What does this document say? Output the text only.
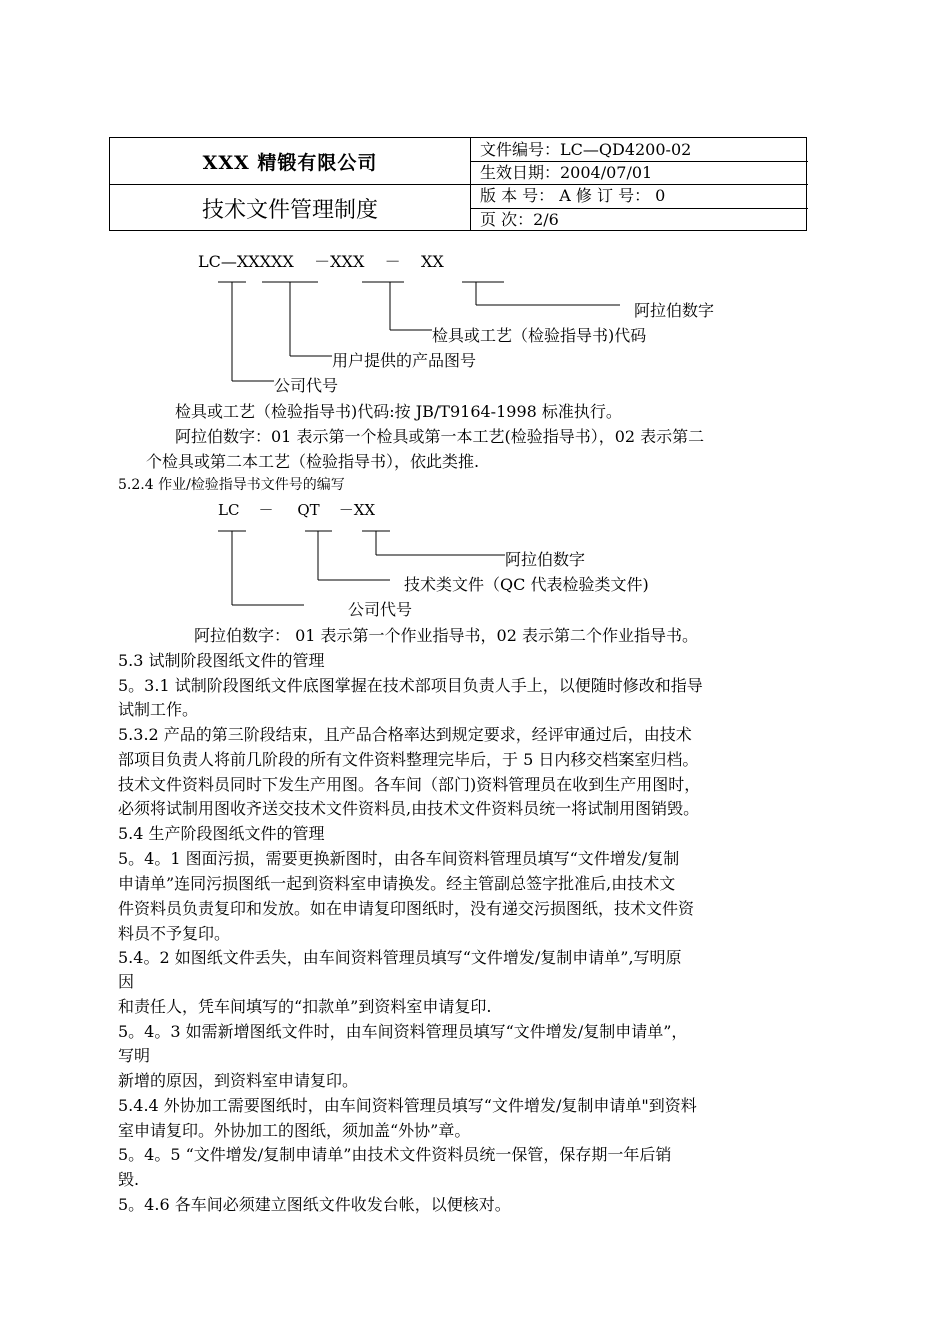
XXX 精锻有限公司
技术文件管理制度
文件编号：LC—QD4200-02
生效日期：2004/07/01
版 本 号： A 修 订 号： 0
页 次：2/6
LC—XXXXX    －XXX    －    XX
阿拉伯数字
检具或工艺（检验指导书)代码
用户提供的产品图号
公司代号
检具或工艺（检验指导书)代码:按 JB/T9164-1998 标准执行。
阿拉伯数字：01 表示第一个检具或第一本工艺(检验指导书），02 表示第二
个检具或第二本工艺（检验指导书），依此类推.
5.2.4 作业/检验指导书文件号的编写
LC    －     QT    －XX
阿拉伯数字
技术类文件（QC 代表检验类文件)
公司代号
阿拉伯数字： 01 表示第一个作业指导书，02 表示第二个作业指导书。
5.3 试制阶段图纸文件的管理
5。3.1 试制阶段图纸文件底图掌握在技术部项目负责人手上，以便随时修改和指导
试制工作。
5.3.2 产品的第三阶段结束，且产品合格率达到规定要求，经评审通过后，由技术
部项目负责人将前几阶段的所有文件资料整理完毕后，于 5 日内移交档案室归档。
技术文件资料员同时下发生产用图。各车间（部门)资料管理员在收到生产用图时，
必须将试制用图收齐送交技术文件资料员,由技术文件资料员统一将试制用图销毁。
5.4 生产阶段图纸文件的管理
5。4。1 图面污损，需要更换新图时，由各车间资料管理员填写“文件增发/复制
申请单”连同污损图纸一起到资料室申请换发。经主管副总签字批准后,由技术文
件资料员负责复印和发放。如在申请复印图纸时，没有递交污损图纸，技术文件资
料员不予复印。
5.4。2 如图纸文件丢失，由车间资料管理员填写“文件增发/复制申请单”,写明原
因
和责任人，凭车间填写的“扣款单”到资料室申请复印.
5。4。3 如需新增图纸文件时，由车间资料管理员填写“文件增发/复制申请单”，
写明
新增的原因，到资料室申请复印。
5.4.4 外协加工需要图纸时，由车间资料管理员填写“文件增发/复制申请单"到资料
室申请复印。外协加工的图纸，须加盖“外协”章。
5。4。5 “文件增发/复制申请单”由技术文件资料员统一保管，保存期一年后销
毁.
5。4.6 各车间必须建立图纸文件收发台帐，以便核对。
